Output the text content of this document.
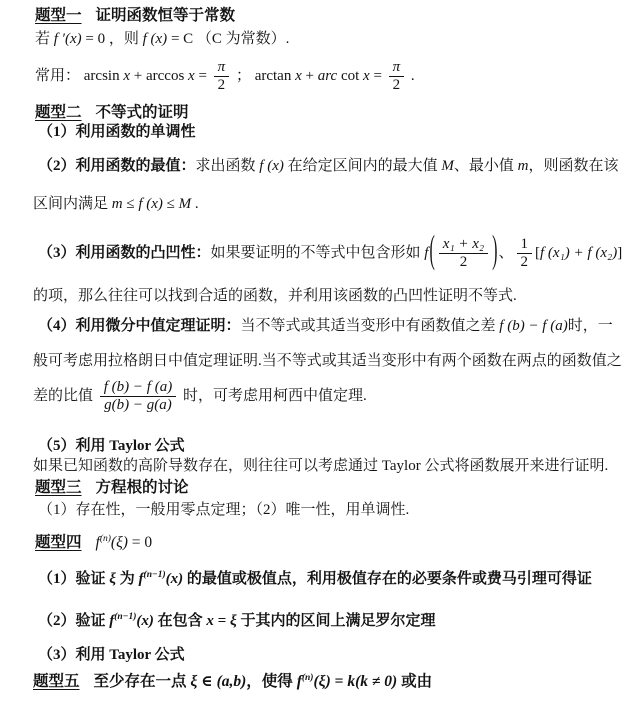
题型一 证明函数恒等于常数
若 f ′(x) = 0 ，则 f (x) = C （C 为常数）.
常用： $\arcsin x + \arccos x = \frac{\pi}{2}$ ； arctan x + arc $\cot x = \frac{\pi}{2}$ .
题型二 不等式的证明
（1）利用函数的单调性
（2）利用函数的最值：求出函数 f (x) 在给定区间内的最大值 M、最小值 m，则函数在该
区间内满足 m ≤ f (x) ≤ M .
（3）利用函数的凸凹性：如果要证明的不等式中包含形如 $f( \frac{\text{x₁ + x₂}}{2}$ )、 $\frac{1}{2} [f$ (x₁) + f (x₂)]
的项，那么往往可以找到合适的函数，并利用该函数的凸凹性证明不等式.
（4）利用微分中值定理证明：当不等式或其适当变形中有函数值之差 f (b) − f (a)时，一
般可考虑用拉格朗日中值定理证明.当不等式或其适当变形中有两个函数在两点的函数值之
差的比值 $\frac{f (b) - f (a)}{g(b) - g(a)}$ 时，可考虑用柯西中值定理.
（5）利用 Taylor 公式
如果已知函数的高阶导数存在，则往往可以考虑通过 Taylor 公式将函数展开来进行证明.
题型三 方程根的讨论
（1）存在性，一般用零点定理；（2）唯一性，用单调性.
题型四 $f^{(n)}(\xi) = 0$
（1）验证 ξ 为 $f^{(n-1)}(x)$ 的最值或极值点，利用极值存在的必要条件或费马引理可得证
（2）验证 $f^{(n-1)}(x)$ 在包含 x = ξ 于其内的区间上满足罗尔定理
（3）利用 Taylor 公式
题型五 至少存在一点 ξ ∈ (a,b)，使得 $f^{(n)}(\xi) = k(k \ne 0)$ 或由
